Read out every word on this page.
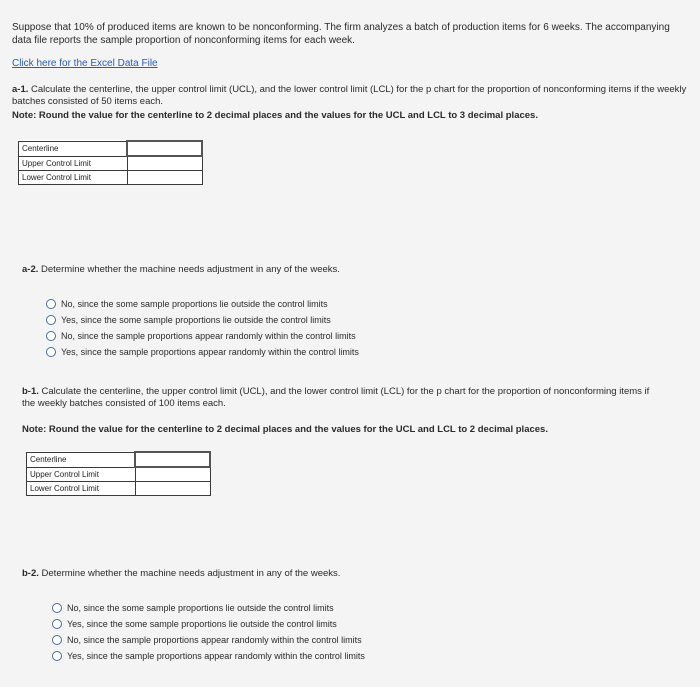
Suppose that 10% of produced items are known to be nonconforming. The firm analyzes a batch of production items for 6 weeks. The accompanying data file reports the sample proportion of nonconforming items for each week.
Click here for the Excel Data File
a-1. Calculate the centerline, the upper control limit (UCL), and the lower control limit (LCL) for the p chart for the proportion of nonconforming items if the weekly batches consisted of 50 items each.
Note: Round the value for the centerline to 2 decimal places and the values for the UCL and LCL to 3 decimal places.
Centerline	
Upper Control Limit	
Lower Control Limit	
a-2. Determine whether the machine needs adjustment in any of the weeks.
No, since the some sample proportions lie outside the control limits
Yes, since the some sample proportions lie outside the control limits
No, since the sample proportions appear randomly within the control limits
Yes, since the sample proportions appear randomly within the control limits
b-1. Calculate the centerline, the upper control limit (UCL), and the lower control limit (LCL) for the p chart for the proportion of nonconforming items if the weekly batches consisted of 100 items each.
Note: Round the value for the centerline to 2 decimal places and the values for the UCL and LCL to 2 decimal places.
Centerline	
Upper Control Limit	
Lower Control Limit	
b-2. Determine whether the machine needs adjustment in any of the weeks.
No, since the some sample proportions lie outside the control limits
Yes, since the some sample proportions lie outside the control limits
No, since the sample proportions appear randomly within the control limits
Yes, since the sample proportions appear randomly within the control limits
